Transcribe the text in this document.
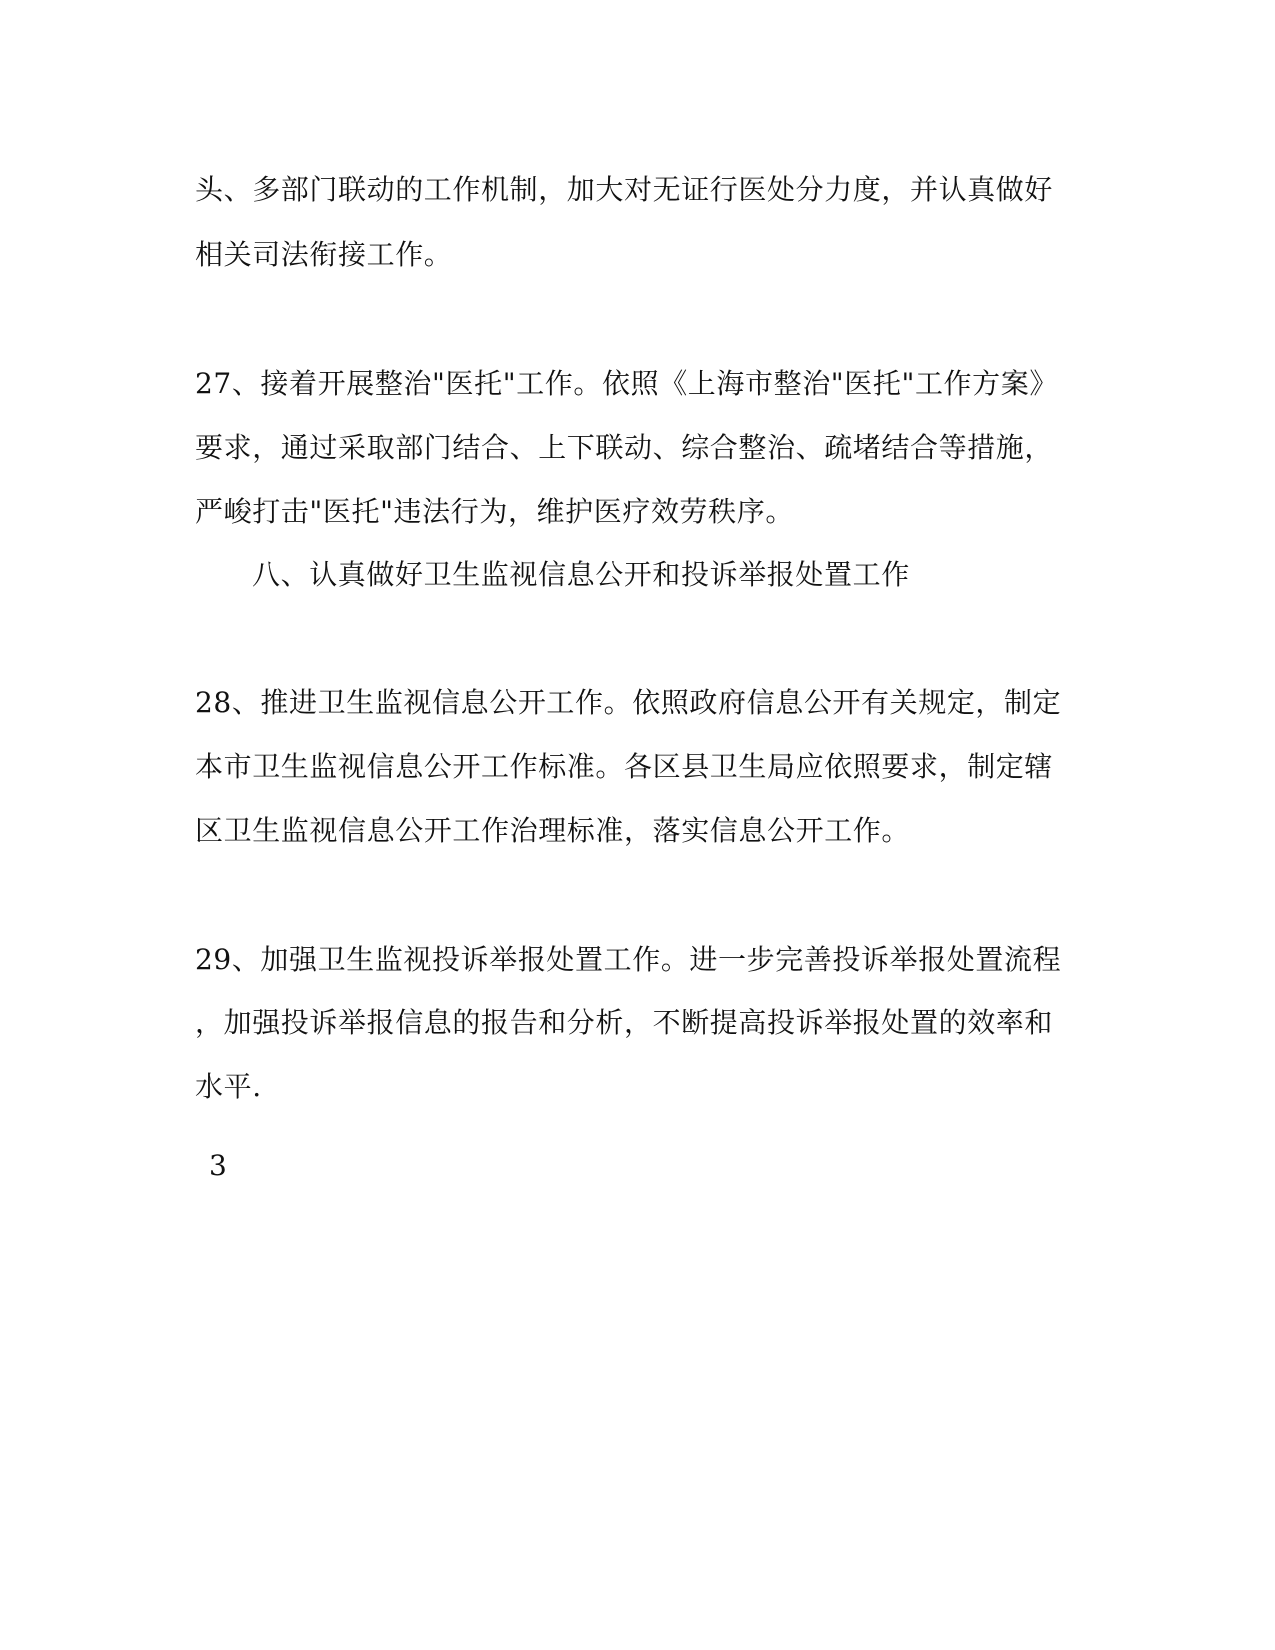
头、多部门联动的工作机制，加大对无证行医处分力度，并认真做好
相关司法衔接工作。
27、接着开展整治"医托"工作。依照《上海市整治"医托"工作方案》
要求，通过采取部门结合、上下联动、综合整治、疏堵结合等措施，
严峻打击"医托"违法行为，维护医疗效劳秩序。
八、认真做好卫生监视信息公开和投诉举报处置工作
28、推进卫生监视信息公开工作。依照政府信息公开有关规定，制定
本市卫生监视信息公开工作标准。各区县卫生局应依照要求，制定辖
区卫生监视信息公开工作治理标准，落实信息公开工作。
29、加强卫生监视投诉举报处置工作。进一步完善投诉举报处置流程
，加强投诉举报信息的报告和分析，不断提高投诉举报处置的效率和
水平.
3
